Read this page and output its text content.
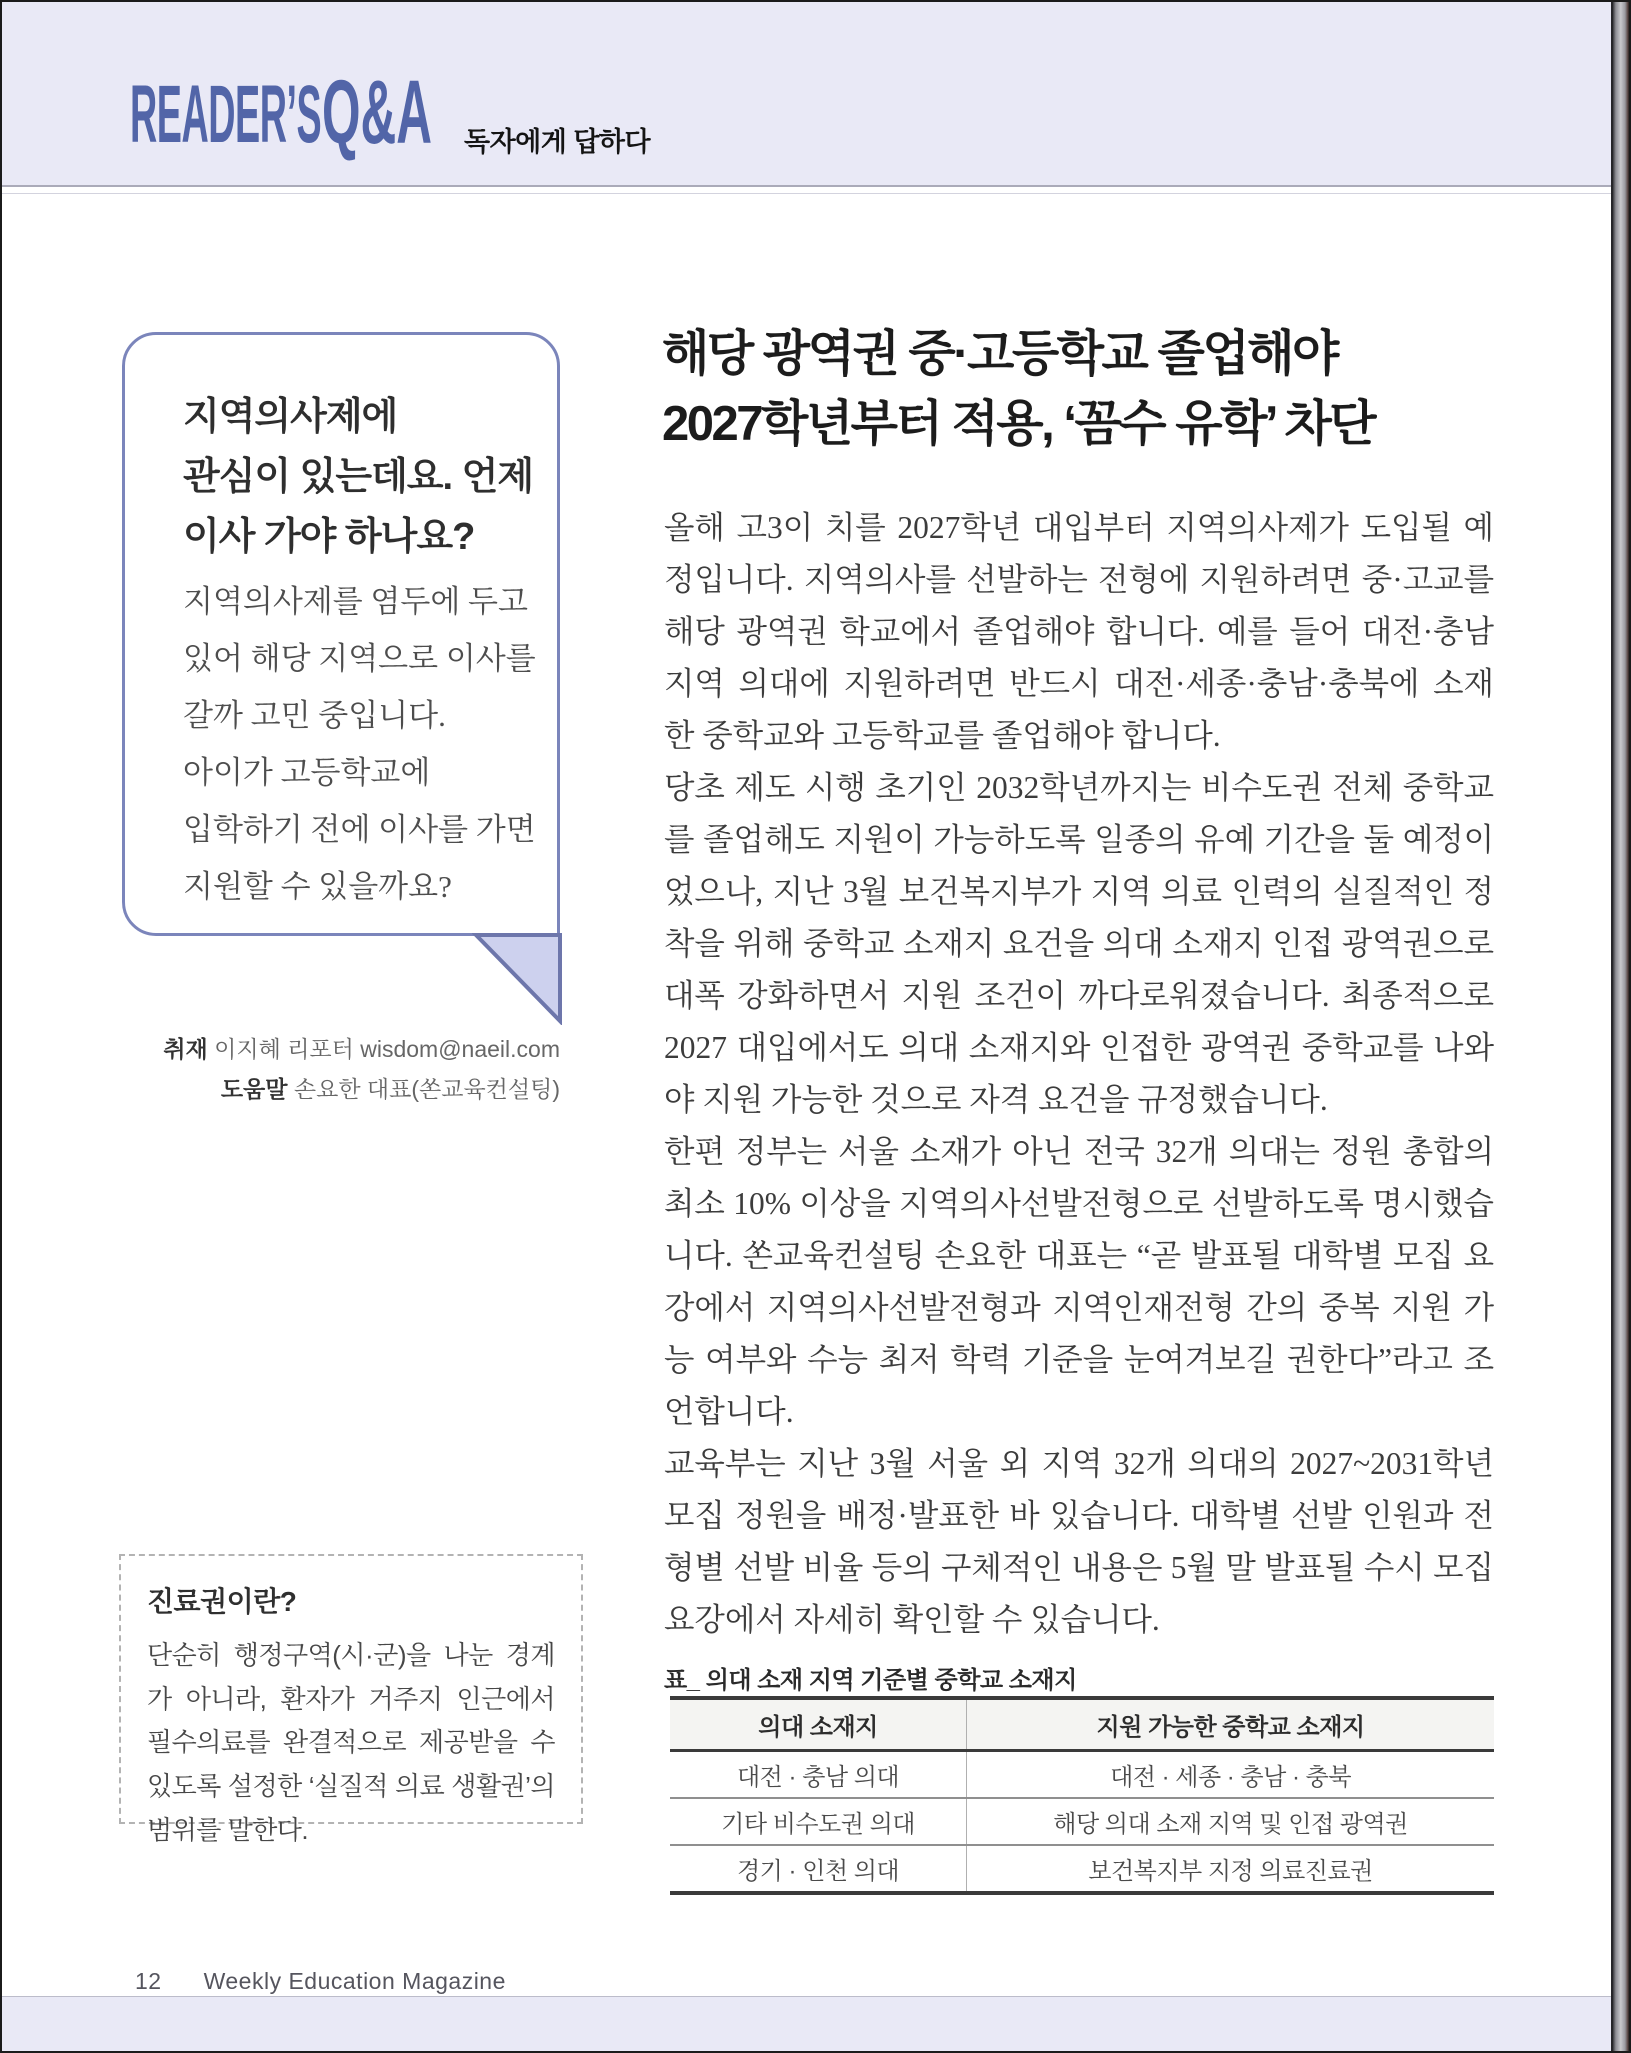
READER’S Q&A 독자에게 답하다
지역의사제에
관심이 있는데요. 언제
이사 가야 하나요?
지역의사제를 염두에 두고
있어 해당 지역으로 이사를
갈까 고민 중입니다.
아이가 고등학교에
입학하기 전에 이사를 가면
지원할 수 있을까요?
취재 이지혜 리포터 wisdom@naeil.com
도움말 손요한 대표(쏜교육컨설팅)
해당 광역권 중·고등학교 졸업해야
2027학년부터 적용, ‘꼼수 유학’ 차단

올해 고3이 치를 2027학년 대입부터 지역의사제가 도입될 예정입니다. 지역의사를 선발하는 전형에 지원하려면 중·고교를 해당 광역권 학교에서 졸업해야 합니다. 예를 들어 대전·충남 지역 의대에 지원하려면 반드시 대전·세종·충남·충북에 소재한 중학교와 고등학교를 졸업해야 합니다.

당초 제도 시행 초기인 2032학년까지는 비수도권 전체 중학교를 졸업해도 지원이 가능하도록 일종의 유예 기간을 둘 예정이었으나, 지난 3월 보건복지부가 지역 의료 인력의 실질적인 정착을 위해 중학교 소재지 요건을 의대 소재지 인접 광역권으로 대폭 강화하면서 지원 조건이 까다로워졌습니다. 최종적으로 2027 대입에서도 의대 소재지와 인접한 광역권 중학교를 나와야 지원 가능한 것으로 자격 요건을 규정했습니다.

한편 정부는 서울 소재가 아닌 전국 32개 의대는 정원 총합의 최소 10% 이상을 지역의사선발전형으로 선발하도록 명시했습니다. 쏜교육컨설팅 손요한 대표는 “곧 발표될 대학별 모집 요강에서 지역의사선발전형과 지역인재전형 간의 중복 지원 가능 여부와 수능 최저 학력 기준을 눈여겨보길 권한다”라고 조언합니다.

교육부는 지난 3월 서울 외 지역 32개 의대의 2027~2031학년 모집 정원을 배정·발표한 바 있습니다. 대학별 선발 인원과 전형별 선발 비율 등의 구체적인 내용은 5월 말 발표될 수시 모집 요강에서 자세히 확인할 수 있습니다.

진료권이란?
단순히 행정구역(시·군)을 나눈 경계가 아니라, 환자가 거주지 인근에서 필수의료를 완결적으로 제공받을 수 있도록 설정한 ‘실질적 의료 생활권’의 범위를 말한다.
표_ 의대 소재 지역 기준별 중학교 소재지
의대 소재지	지원 가능한 중학교 소재지
대전 · 충남 의대	대전 · 세종 · 충남 · 충북
기타 비수도권 의대	해당 의대 소재 지역 및 인접 광역권
경기 · 인천 의대	보건복지부 지정 의료진료권
12 Weekly Education Magazine
